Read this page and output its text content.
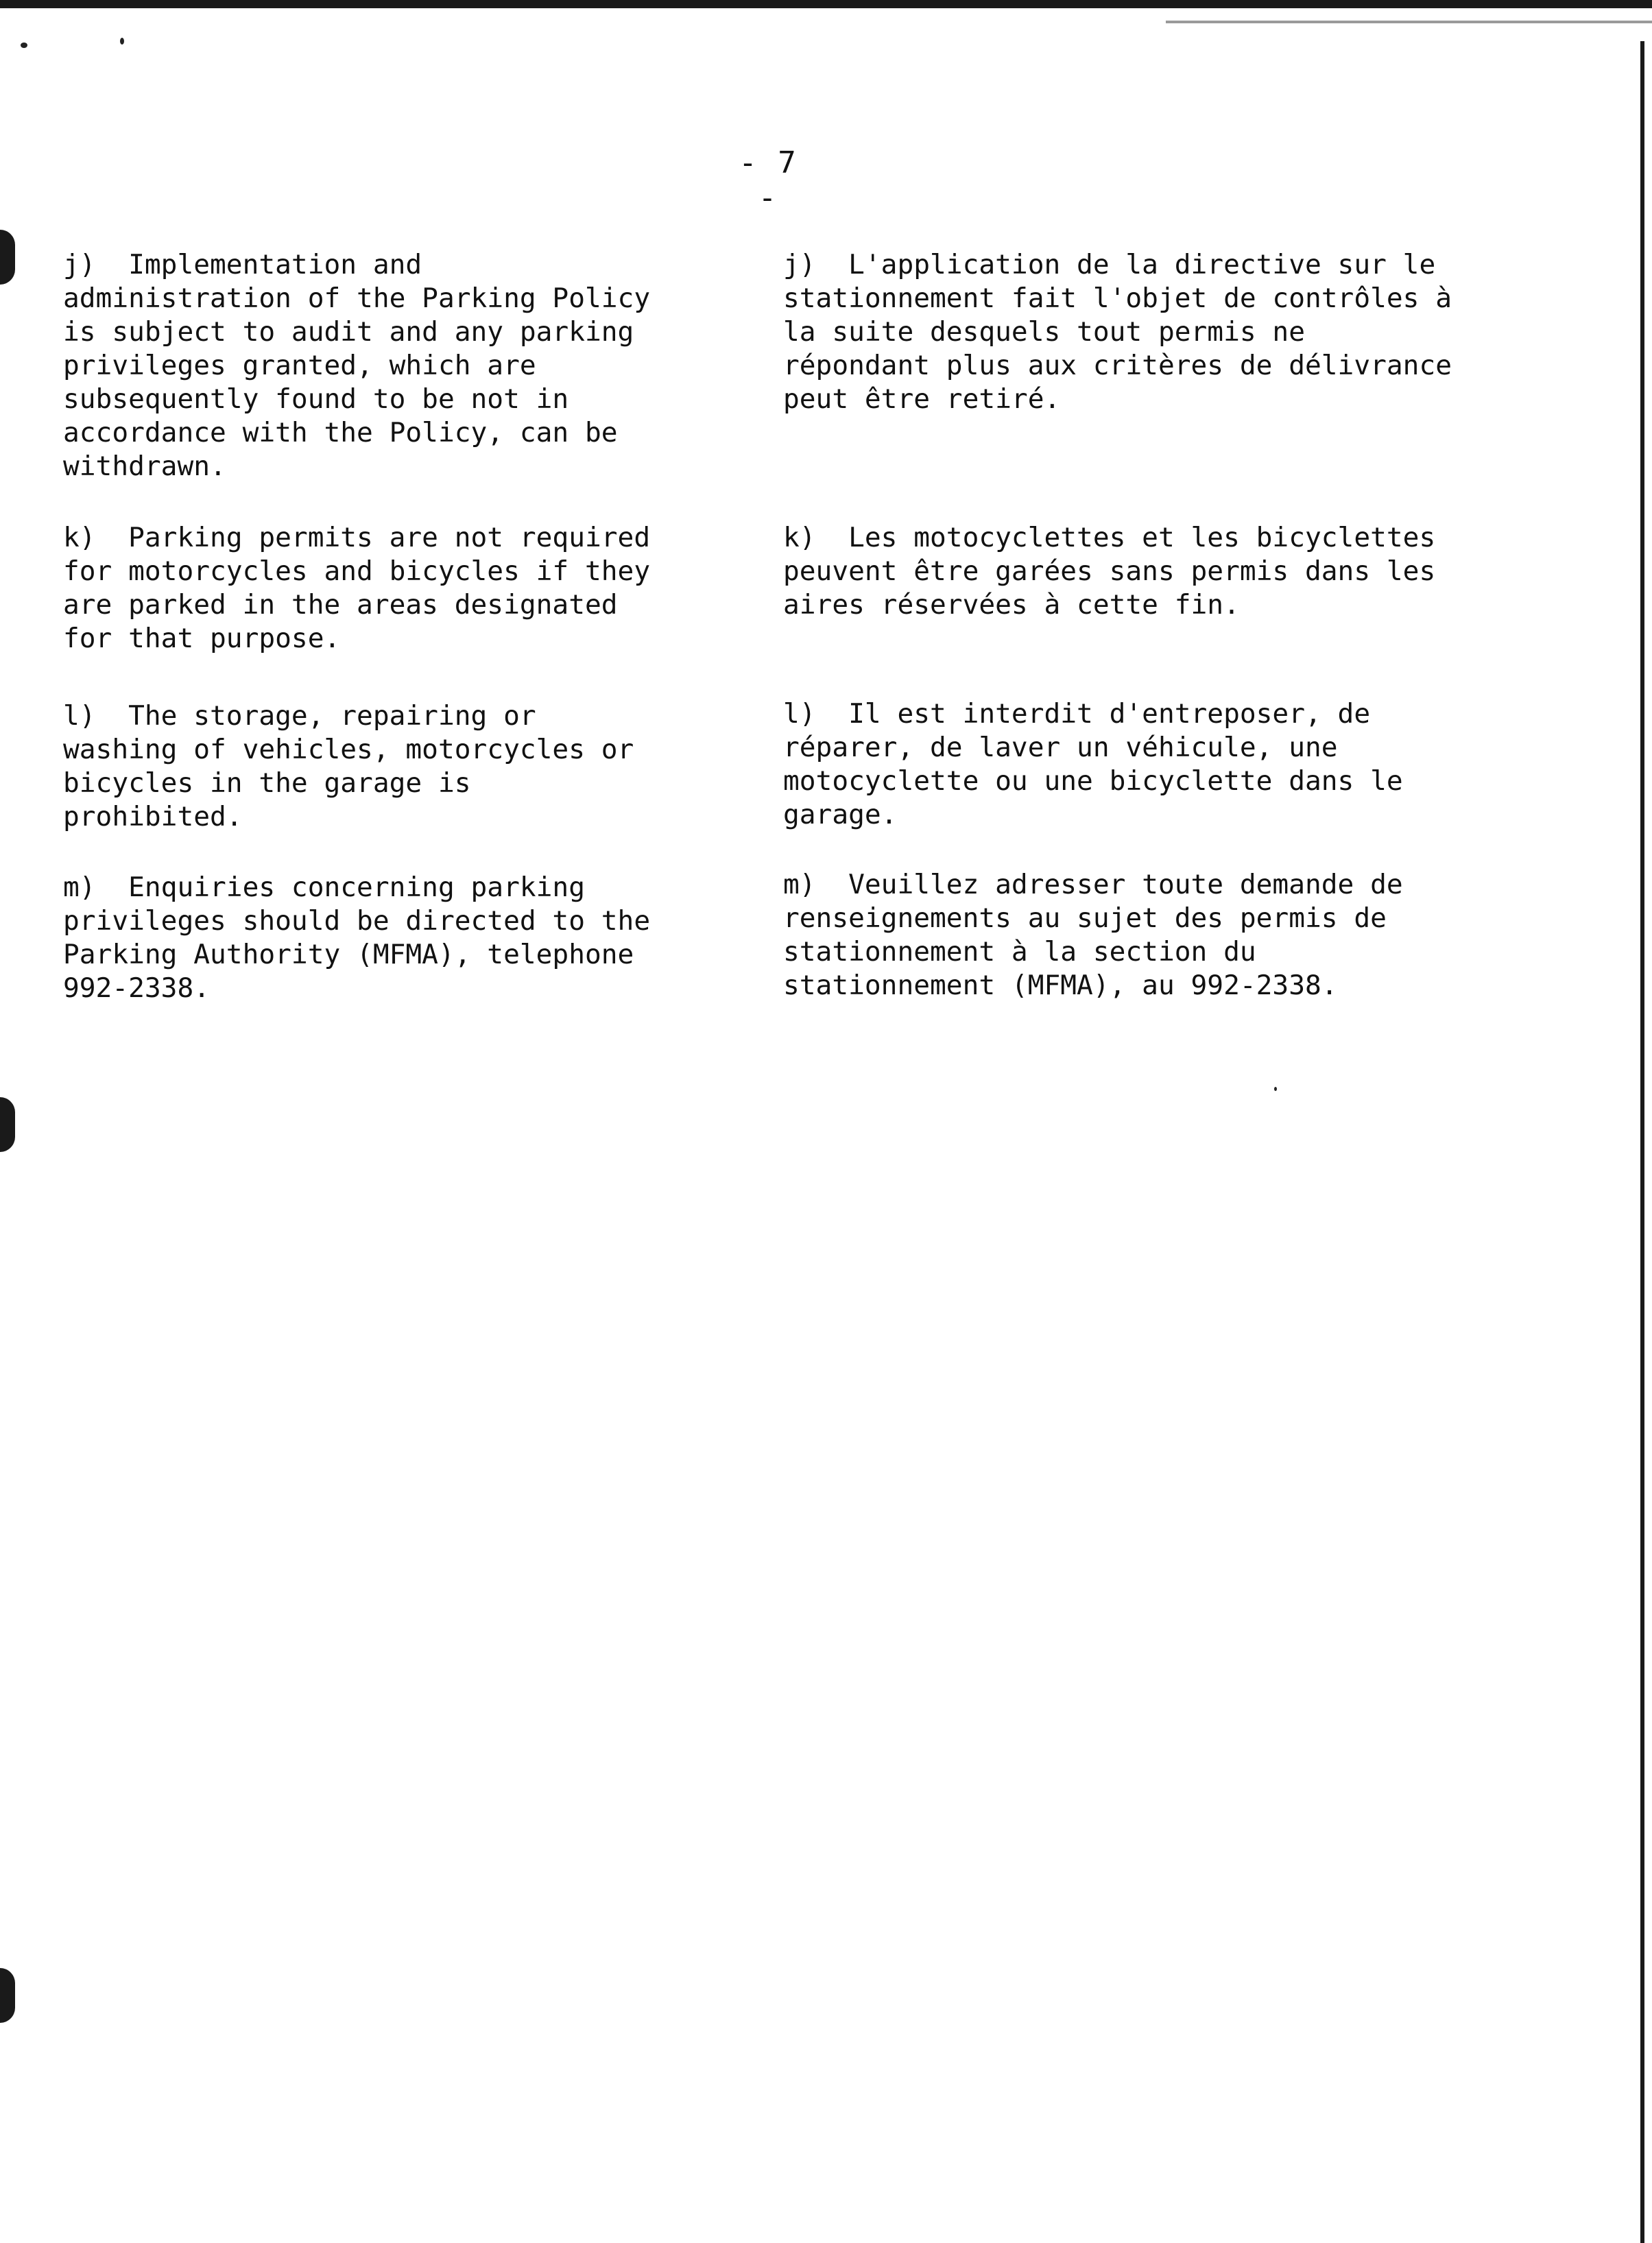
- 7 -

j)  Implementation and
administration of the Parking Policy
is subject to audit and any parking
privileges granted, which are
subsequently found to be not in
accordance with the Policy, can be
withdrawn.

k)  Parking permits are not required
for motorcycles and bicycles if they
are parked in the areas designated
for that purpose.

l)  The storage, repairing or
washing of vehicles, motorcycles or
bicycles in the garage is
prohibited.

m)  Enquiries concerning parking
privileges should be directed to the
Parking Authority (MFMA), telephone
992-2338.

j)  L'application de la directive sur le
stationnement fait l'objet de contrôles à
la suite desquels tout permis ne
répondant plus aux critères de délivrance
peut être retiré.

k)  Les motocyclettes et les bicyclettes
peuvent être garées sans permis dans les
aires réservées à cette fin.

l)  Il est interdit d'entreposer, de
réparer, de laver un véhicule, une
motocyclette ou une bicyclette dans le
garage.

m)  Veuillez adresser toute demande de
renseignements au sujet des permis de
stationnement à la section du
stationnement (MFMA), au 992-2338.
